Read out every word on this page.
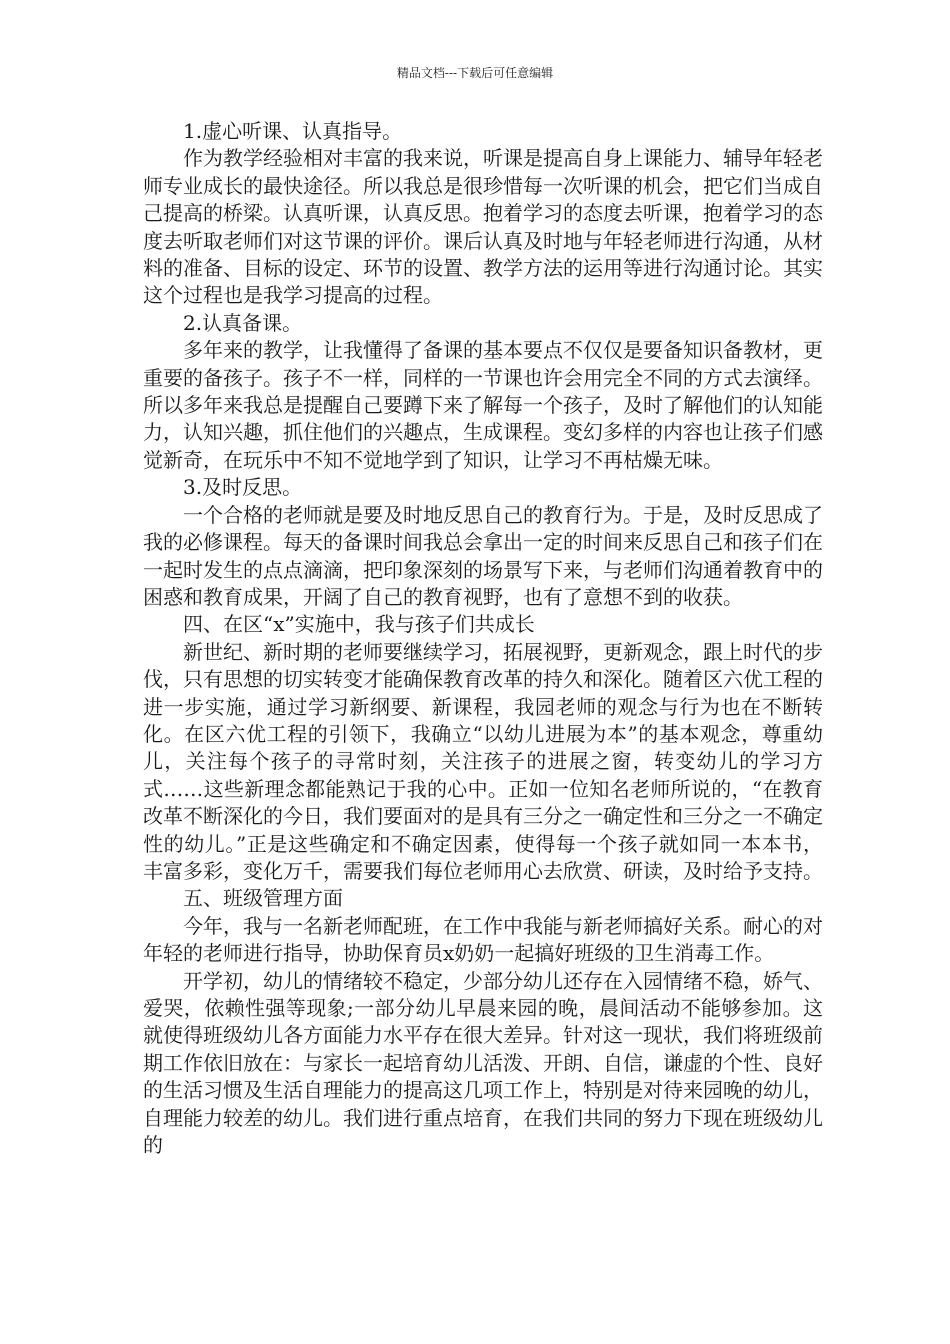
精品文档---下载后可任意编辑

1.虚心听课、认真指导。

作为教学经验相对丰富的我来说，听课是提高自身上课能力、辅导年轻老师专业成长的最快途径。所以我总是很珍惜每一次听课的机会，把它们当成自己提高的桥梁。认真听课，认真反思。抱着学习的态度去听课，抱着学习的态度去听取老师们对这节课的评价。课后认真及时地与年轻老师进行沟通，从材料的准备、目标的设定、环节的设置、教学方法的运用等进行沟通讨论。其实这个过程也是我学习提高的过程。

2.认真备课。

多年来的教学，让我懂得了备课的基本要点不仅仅是要备知识备教材，更重要的备孩子。孩子不一样，同样的一节课也许会用完全不同的方式去演绎。所以多年来我总是提醒自己要蹲下来了解每一个孩子，及时了解他们的认知能力，认知兴趣，抓住他们的兴趣点，生成课程。变幻多样的内容也让孩子们感觉新奇，在玩乐中不知不觉地学到了知识，让学习不再枯燥无味。

3.及时反思。

一个合格的老师就是要及时地反思自己的教育行为。于是，及时反思成了我的必修课程。每天的备课时间我总会拿出一定的时间来反思自己和孩子们在一起时发生的点点滴滴，把印象深刻的场景写下来，与老师们沟通着教育中的困惑和教育成果，开阔了自己的教育视野，也有了意想不到的收获。

四、在区“x”实施中，我与孩子们共成长

新世纪、新时期的老师要继续学习，拓展视野，更新观念，跟上时代的步伐，只有思想的切实转变才能确保教育改革的持久和深化。随着区六优工程的进一步实施，通过学习新纲要、新课程，我园老师的观念与行为也在不断转化。在区六优工程的引领下，我确立“以幼儿进展为本”的基本观念，尊重幼儿，关注每个孩子的寻常时刻，关注孩子的进展之窗，转变幼儿的学习方式……这些新理念都能熟记于我的心中。正如一位知名老师所说的，“在教育改革不断深化的今日，我们要面对的是具有三分之一确定性和三分之一不确定性的幼儿。”正是这些确定和不确定因素，使得每一个孩子就如同一本本书，丰富多彩，变化万千，需要我们每位老师用心去欣赏、研读，及时给予支持。

五、班级管理方面

今年，我与一名新老师配班，在工作中我能与新老师搞好关系。耐心的对年轻的老师进行指导，协助保育员x奶奶一起搞好班级的卫生消毒工作。

开学初，幼儿的情绪较不稳定，少部分幼儿还存在入园情绪不稳，娇气、爱哭，依赖性强等现象;一部分幼儿早晨来园的晚，晨间活动不能够参加。这就使得班级幼儿各方面能力水平存在很大差异。针对这一现状，我们将班级前期工作依旧放在：与家长一起培育幼儿活泼、开朗、自信，谦虚的个性、良好的生活习惯及生活自理能力的提高这几项工作上，特别是对待来园晚的幼儿，自理能力较差的幼儿。我们进行重点培育，在我们共同的努力下现在班级幼儿的
